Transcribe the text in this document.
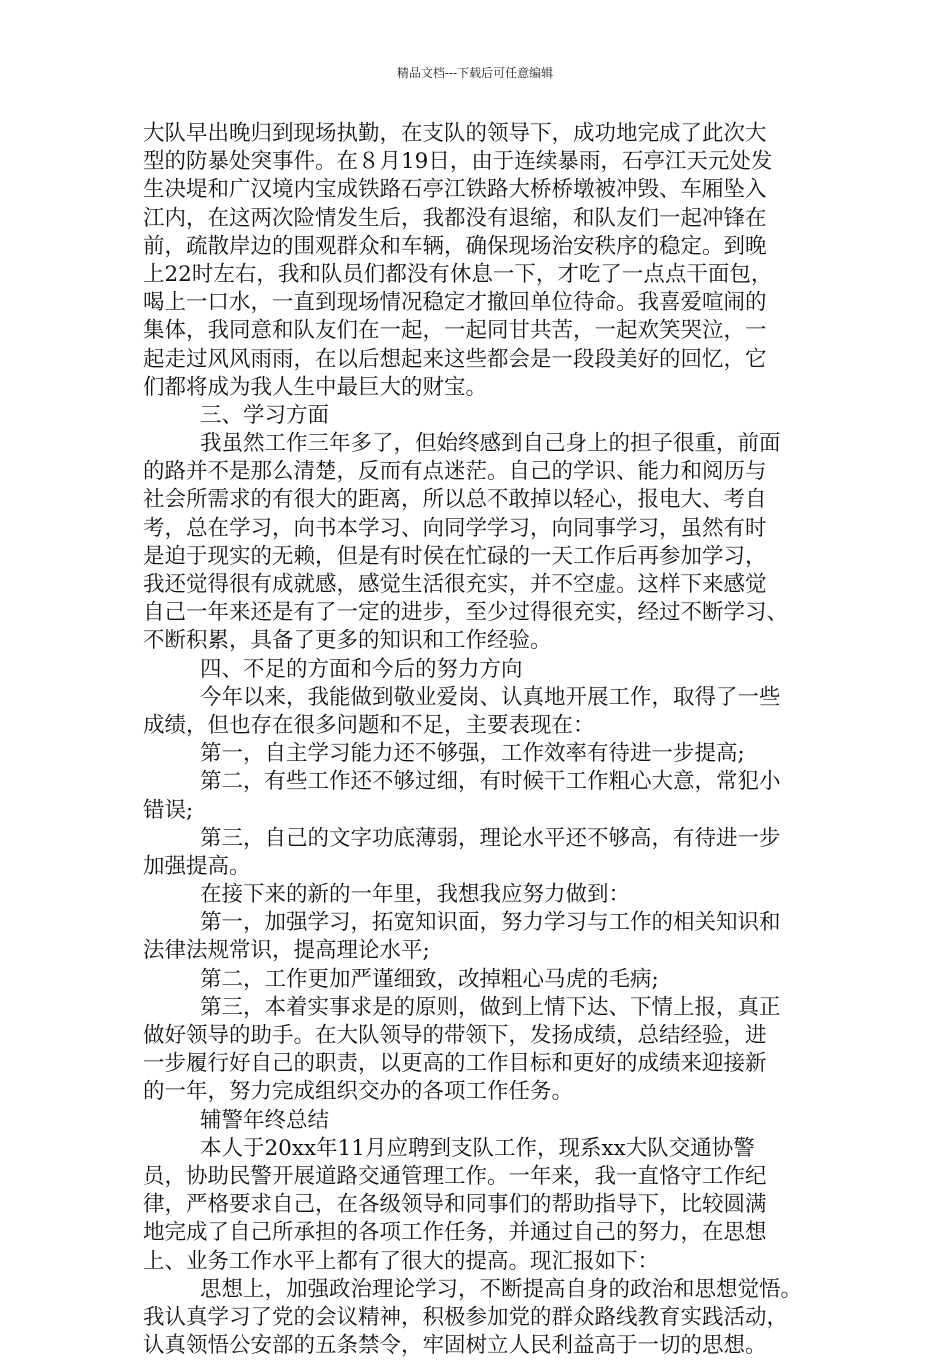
精品文档---下载后可任意编辑
大队早出晚归到现场执勤，在支队的领导下，成功地完成了此次大
型的防暴处突事件。在８月19日，由于连续暴雨，石亭江天元处发
生决堤和广汉境内宝成铁路石亭江铁路大桥桥墩被冲毁、车厢坠入
江内，在这两次险情发生后，我都没有退缩，和队友们一起冲锋在
前，疏散岸边的围观群众和车辆，确保现场治安秩序的稳定。到晚
上22时左右，我和队员们都没有休息一下，才吃了一点点干面包，
喝上一口水，一直到现场情况稳定才撤回单位待命。我喜爱喧闹的
集体，我同意和队友们在一起，一起同甘共苦，一起欢笑哭泣，一
起走过风风雨雨，在以后想起来这些都会是一段段美好的回忆，它
们都将成为我人生中最巨大的财宝。
三、学习方面
我虽然工作三年多了，但始终感到自己身上的担子很重，前面
的路并不是那么清楚，反而有点迷茫。自己的学识、能力和阅历与
社会所需求的有很大的距离，所以总不敢掉以轻心，报电大、考自
考，总在学习，向书本学习、向同学学习，向同事学习，虽然有时
是迫于现实的无赖，但是有时侯在忙碌的一天工作后再参加学习，
我还觉得很有成就感，感觉生活很充实，并不空虚。这样下来感觉
自己一年来还是有了一定的进步，至少过得很充实，经过不断学习、
不断积累，具备了更多的知识和工作经验。
四、不足的方面和今后的努力方向
今年以来，我能做到敬业爱岗、认真地开展工作，取得了一些
成绩，但也存在很多问题和不足，主要表现在：
第一，自主学习能力还不够强，工作效率有待进一步提高;
第二，有些工作还不够过细，有时候干工作粗心大意，常犯小
错误;
第三，自己的文字功底薄弱，理论水平还不够高，有待进一步
加强提高。
在接下来的新的一年里，我想我应努力做到：
第一，加强学习，拓宽知识面，努力学习与工作的相关知识和
法律法规常识，提高理论水平;
第二，工作更加严谨细致，改掉粗心马虎的毛病;
第三，本着实事求是的原则，做到上情下达、下情上报，真正
做好领导的助手。在大队领导的带领下，发扬成绩，总结经验，进
一步履行好自己的职责，以更高的工作目标和更好的成绩来迎接新
的一年，努力完成组织交办的各项工作任务。
辅警年终总结
本人于20xx年11月应聘到支队工作，现系xx大队交通协警
员，协助民警开展道路交通管理工作。一年来，我一直恪守工作纪
律，严格要求自己，在各级领导和同事们的帮助指导下，比较圆满
地完成了自己所承担的各项工作任务，并通过自己的努力，在思想
上、业务工作水平上都有了很大的提高。现汇报如下：
思想上，加强政治理论学习，不断提高自身的政治和思想觉悟。
我认真学习了党的会议精神，积极参加党的群众路线教育实践活动，
认真领悟公安部的五条禁令，牢固树立人民利益高于一切的思想。
